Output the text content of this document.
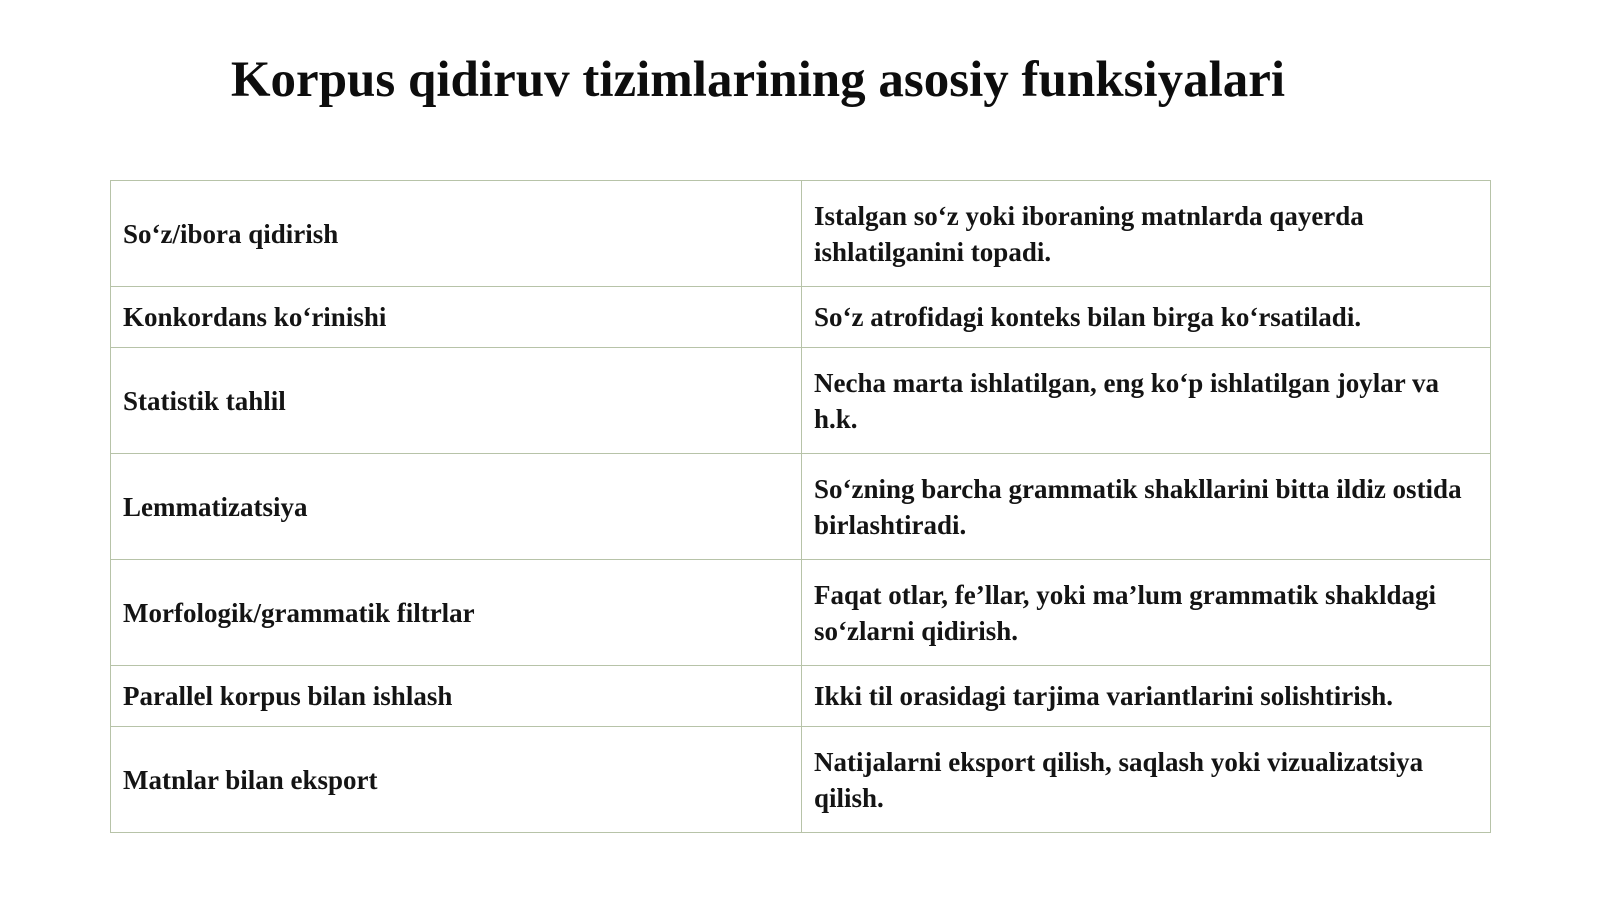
Korpus qidiruv tizimlarining asosiy funksiyalari
So‘z/ibora qidirish	Istalgan so‘z yoki iboraning matnlarda qayerda ishlatilganini topadi.
Konkordans ko‘rinishi	So‘z atrofidagi konteks bilan birga ko‘rsatiladi.
Statistik tahlil	Necha marta ishlatilgan, eng ko‘p ishlatilgan joylar va h.k.
Lemmatizatsiya	So‘zning barcha grammatik shakllarini bitta ildiz ostida birlashtiradi.
Morfologik/grammatik filtrlar	Faqat otlar, fe’llar, yoki ma’lum grammatik shakldagi so‘zlarni qidirish.
Parallel korpus bilan ishlash	Ikki til orasidagi tarjima variantlarini solishtirish.
Matnlar bilan eksport	Natijalarni eksport qilish, saqlash yoki vizualizatsiya qilish.
